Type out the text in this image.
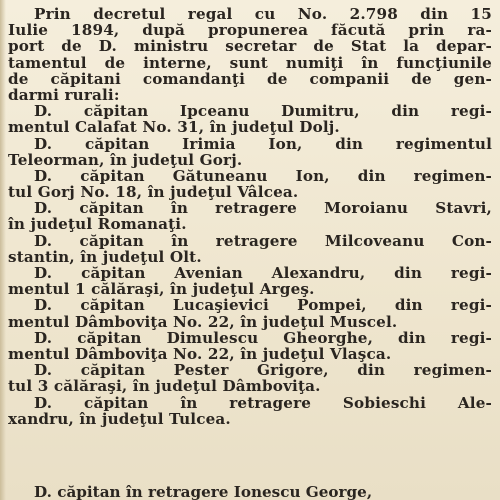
Prin decretul regal cu No. 2.798 din 15
Iulie 1894, după propunerea făcută prin ra-
port de D. ministru secretar de Stat la depar-
tamentul de interne, sunt numiţi în funcţiunile
de căpitani comandanţi de companii de gen-
darmi rurali:
D. căpitan Ipceanu Dumitru, din regi-
mentul Calafat No. 31, în judeţul Dolj.
D. căpitan Irimia Ion, din regimentul
Teleorman, în judeţul Gorj.
D. căpitan Gătuneanu Ion, din regimen-
tul Gorj No. 18, în judeţul Vâlcea.
D. căpitan în retragere Moroianu Stavri,
în judeţul Romanaţi.
D. căpitan în retragere Milcoveanu Con-
stantin, în judeţul Olt.
D. căpitan Avenian Alexandru, din regi-
mentul 1 călăraşi, în judeţul Argeş.
D. căpitan Lucaşievici Pompei, din regi-
mentul Dâmboviţa No. 22, în judeţul Muscel.
D. căpitan Dimulescu Gheorghe, din regi-
mentul Dâmboviţa No. 22, în judeţul Vlaşca.
D. căpitan Pester Grigore, din regimen-
tul 3 călăraşi, în judeţul Dâmboviţa.
D. căpitan în retragere Sobieschi Ale-
xandru, în judeţul Tulcea.
D. căpitan în retragere Ionescu George,
